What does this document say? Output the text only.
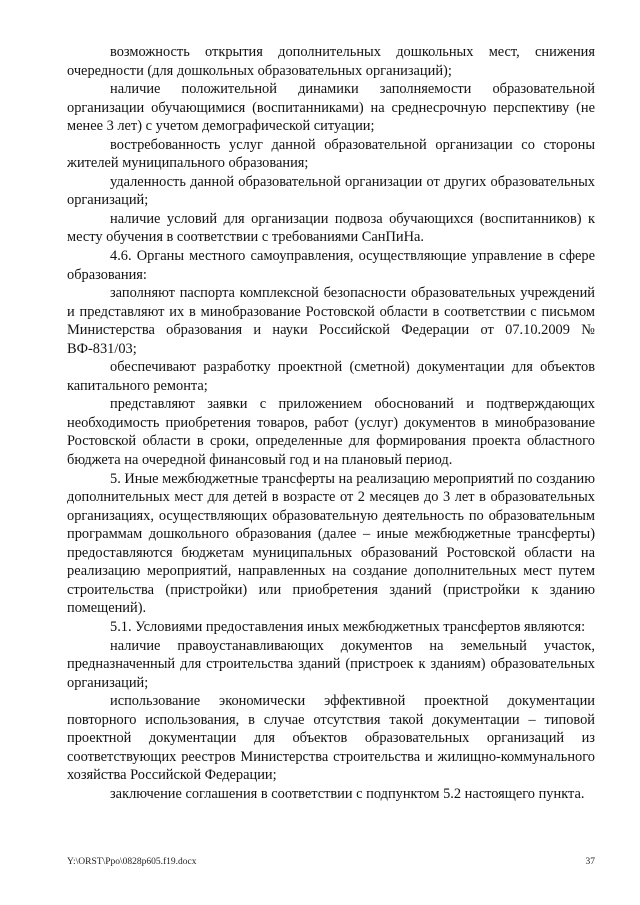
возможность открытия дополнительных дошкольных мест, снижения очередности (для дошкольных образовательных организаций);

наличие положительной динамики заполняемости образовательной организации обучающимися (воспитанниками) на среднесрочную перспективу (не менее 3 лет) с учетом демографической ситуации;

востребованность услуг данной образовательной организации со стороны жителей муниципального образования;

удаленность данной образовательной организации от других образовательных организаций;

наличие условий для организации подвоза обучающихся (воспитанников) к месту обучения в соответствии с требованиями СанПиНа.

4.6. Органы местного самоуправления, осуществляющие управление в сфере образования:

заполняют паспорта комплексной безопасности образовательных учреждений и представляют их в минобразование Ростовской области в соответствии с письмом Министерства образования и науки Российской Федерации от 07.10.2009 № ВФ-831/03;

обеспечивают разработку проектной (сметной) документации для объектов капитального ремонта;

представляют заявки с приложением обоснований и подтверждающих необходимость приобретения товаров, работ (услуг) документов в минобразование Ростовской области в сроки, определенные для формирования проекта областного бюджета на очередной финансовый год и на плановый период.

5. Иные межбюджетные трансферты на реализацию мероприятий по созданию дополнительных мест для детей в возрасте от 2 месяцев до 3 лет в образовательных организациях, осуществляющих образовательную деятельность по образовательным программам дошкольного образования (далее – иные межбюджетные трансферты) предоставляются бюджетам муниципальных образований Ростовской области на реализацию мероприятий, направленных на создание дополнительных мест путем строительства (пристройки) или приобретения зданий (пристройки к зданию помещений).

5.1. Условиями предоставления иных межбюджетных трансфертов являются:

наличие правоустанавливающих документов на земельный участок, предназначенный для строительства зданий (пристроек к зданиям) образовательных организаций;

использование экономически эффективной проектной документации повторного использования, в случае отсутствия такой документации – типовой проектной документации для объектов образовательных организаций из соответствующих реестров Министерства строительства и жилищно-коммунального хозяйства Российской Федерации;

заключение соглашения в соответствии с подпунктом 5.2 настоящего пункта.

Y:\ORST\Ppo\0828p605.f19.docx	37
